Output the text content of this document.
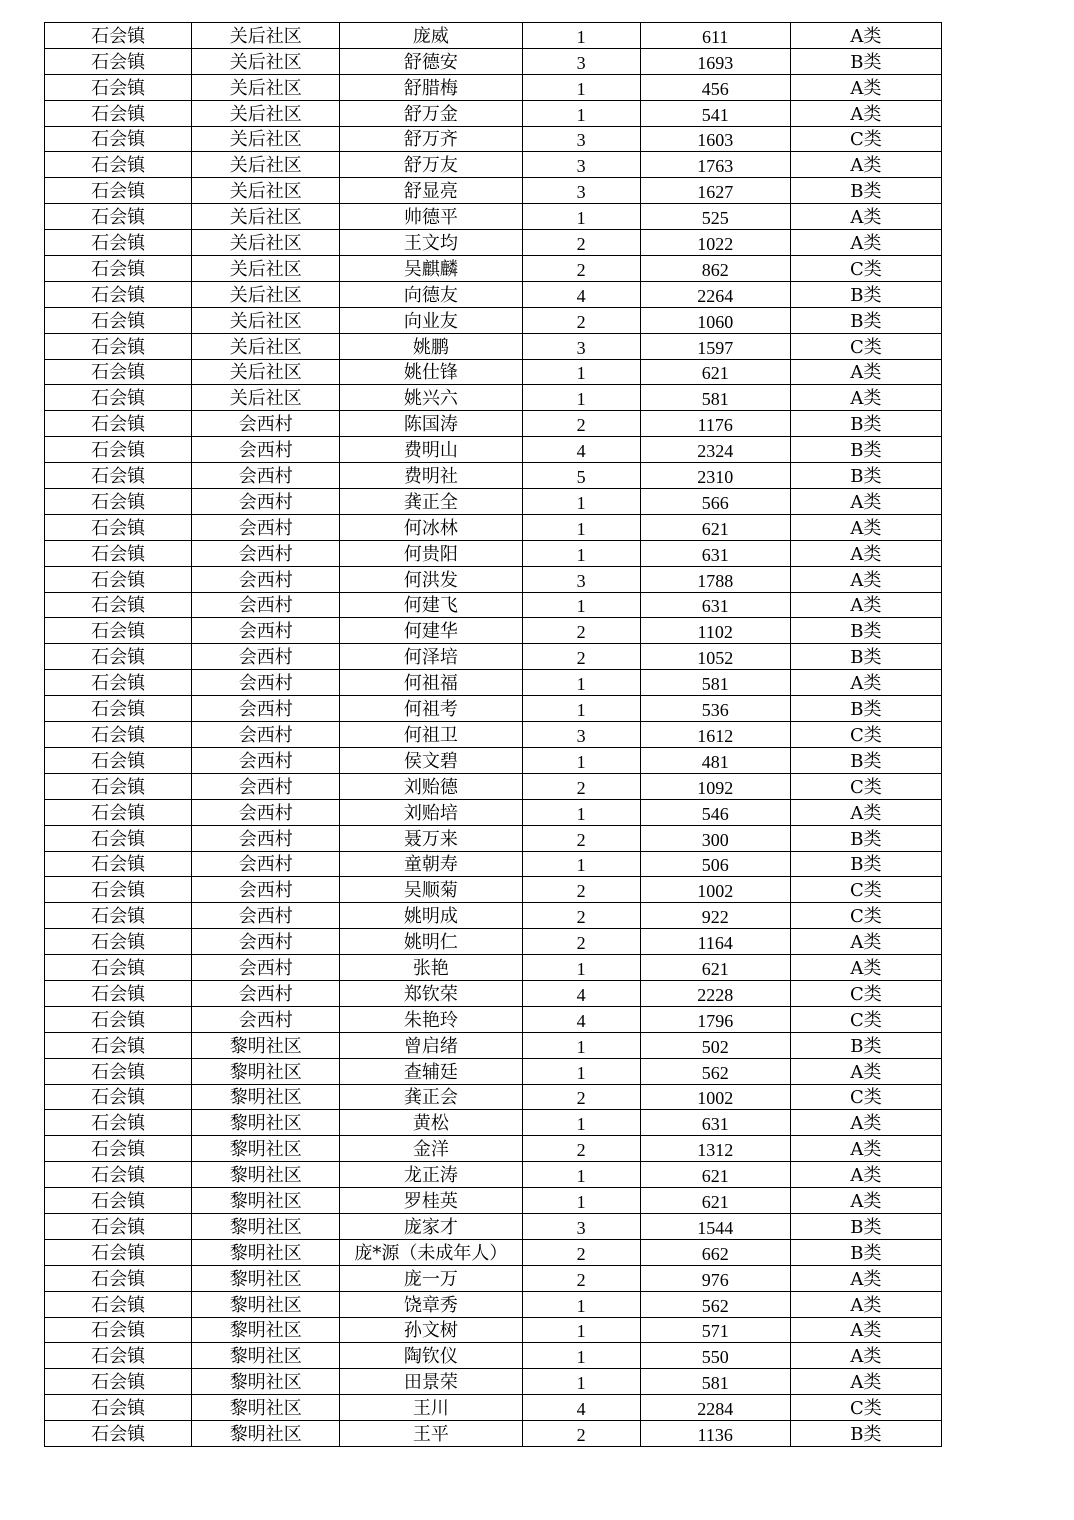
石会镇	关后社区	庞威	1	611	A类
石会镇	关后社区	舒德安	3	1693	B类
石会镇	关后社区	舒腊梅	1	456	A类
石会镇	关后社区	舒万金	1	541	A类
石会镇	关后社区	舒万齐	3	1603	C类
石会镇	关后社区	舒万友	3	1763	A类
石会镇	关后社区	舒显亮	3	1627	B类
石会镇	关后社区	帅德平	1	525	A类
石会镇	关后社区	王文均	2	1022	A类
石会镇	关后社区	吴麒麟	2	862	C类
石会镇	关后社区	向德友	4	2264	B类
石会镇	关后社区	向业友	2	1060	B类
石会镇	关后社区	姚鹏	3	1597	C类
石会镇	关后社区	姚仕锋	1	621	A类
石会镇	关后社区	姚兴六	1	581	A类
石会镇	会西村	陈国涛	2	1176	B类
石会镇	会西村	费明山	4	2324	B类
石会镇	会西村	费明社	5	2310	B类
石会镇	会西村	龚正全	1	566	A类
石会镇	会西村	何冰林	1	621	A类
石会镇	会西村	何贵阳	1	631	A类
石会镇	会西村	何洪发	3	1788	A类
石会镇	会西村	何建飞	1	631	A类
石会镇	会西村	何建华	2	1102	B类
石会镇	会西村	何泽培	2	1052	B类
石会镇	会西村	何祖福	1	581	A类
石会镇	会西村	何祖考	1	536	B类
石会镇	会西村	何祖卫	3	1612	C类
石会镇	会西村	侯文碧	1	481	B类
石会镇	会西村	刘贻德	2	1092	C类
石会镇	会西村	刘贻培	1	546	A类
石会镇	会西村	聂万来	2	300	B类
石会镇	会西村	童朝寿	1	506	B类
石会镇	会西村	吴顺菊	2	1002	C类
石会镇	会西村	姚明成	2	922	C类
石会镇	会西村	姚明仁	2	1164	A类
石会镇	会西村	张艳	1	621	A类
石会镇	会西村	郑钦荣	4	2228	C类
石会镇	会西村	朱艳玲	4	1796	C类
石会镇	黎明社区	曾启绪	1	502	B类
石会镇	黎明社区	查辅廷	1	562	A类
石会镇	黎明社区	龚正会	2	1002	C类
石会镇	黎明社区	黄松	1	631	A类
石会镇	黎明社区	金洋	2	1312	A类
石会镇	黎明社区	龙正涛	1	621	A类
石会镇	黎明社区	罗桂英	1	621	A类
石会镇	黎明社区	庞家才	3	1544	B类
石会镇	黎明社区	庞*源（未成年人）	2	662	B类
石会镇	黎明社区	庞一万	2	976	A类
石会镇	黎明社区	饶章秀	1	562	A类
石会镇	黎明社区	孙文树	1	571	A类
石会镇	黎明社区	陶钦仪	1	550	A类
石会镇	黎明社区	田景荣	1	581	A类
石会镇	黎明社区	王川	4	2284	C类
石会镇	黎明社区	王平	2	1136	B类
